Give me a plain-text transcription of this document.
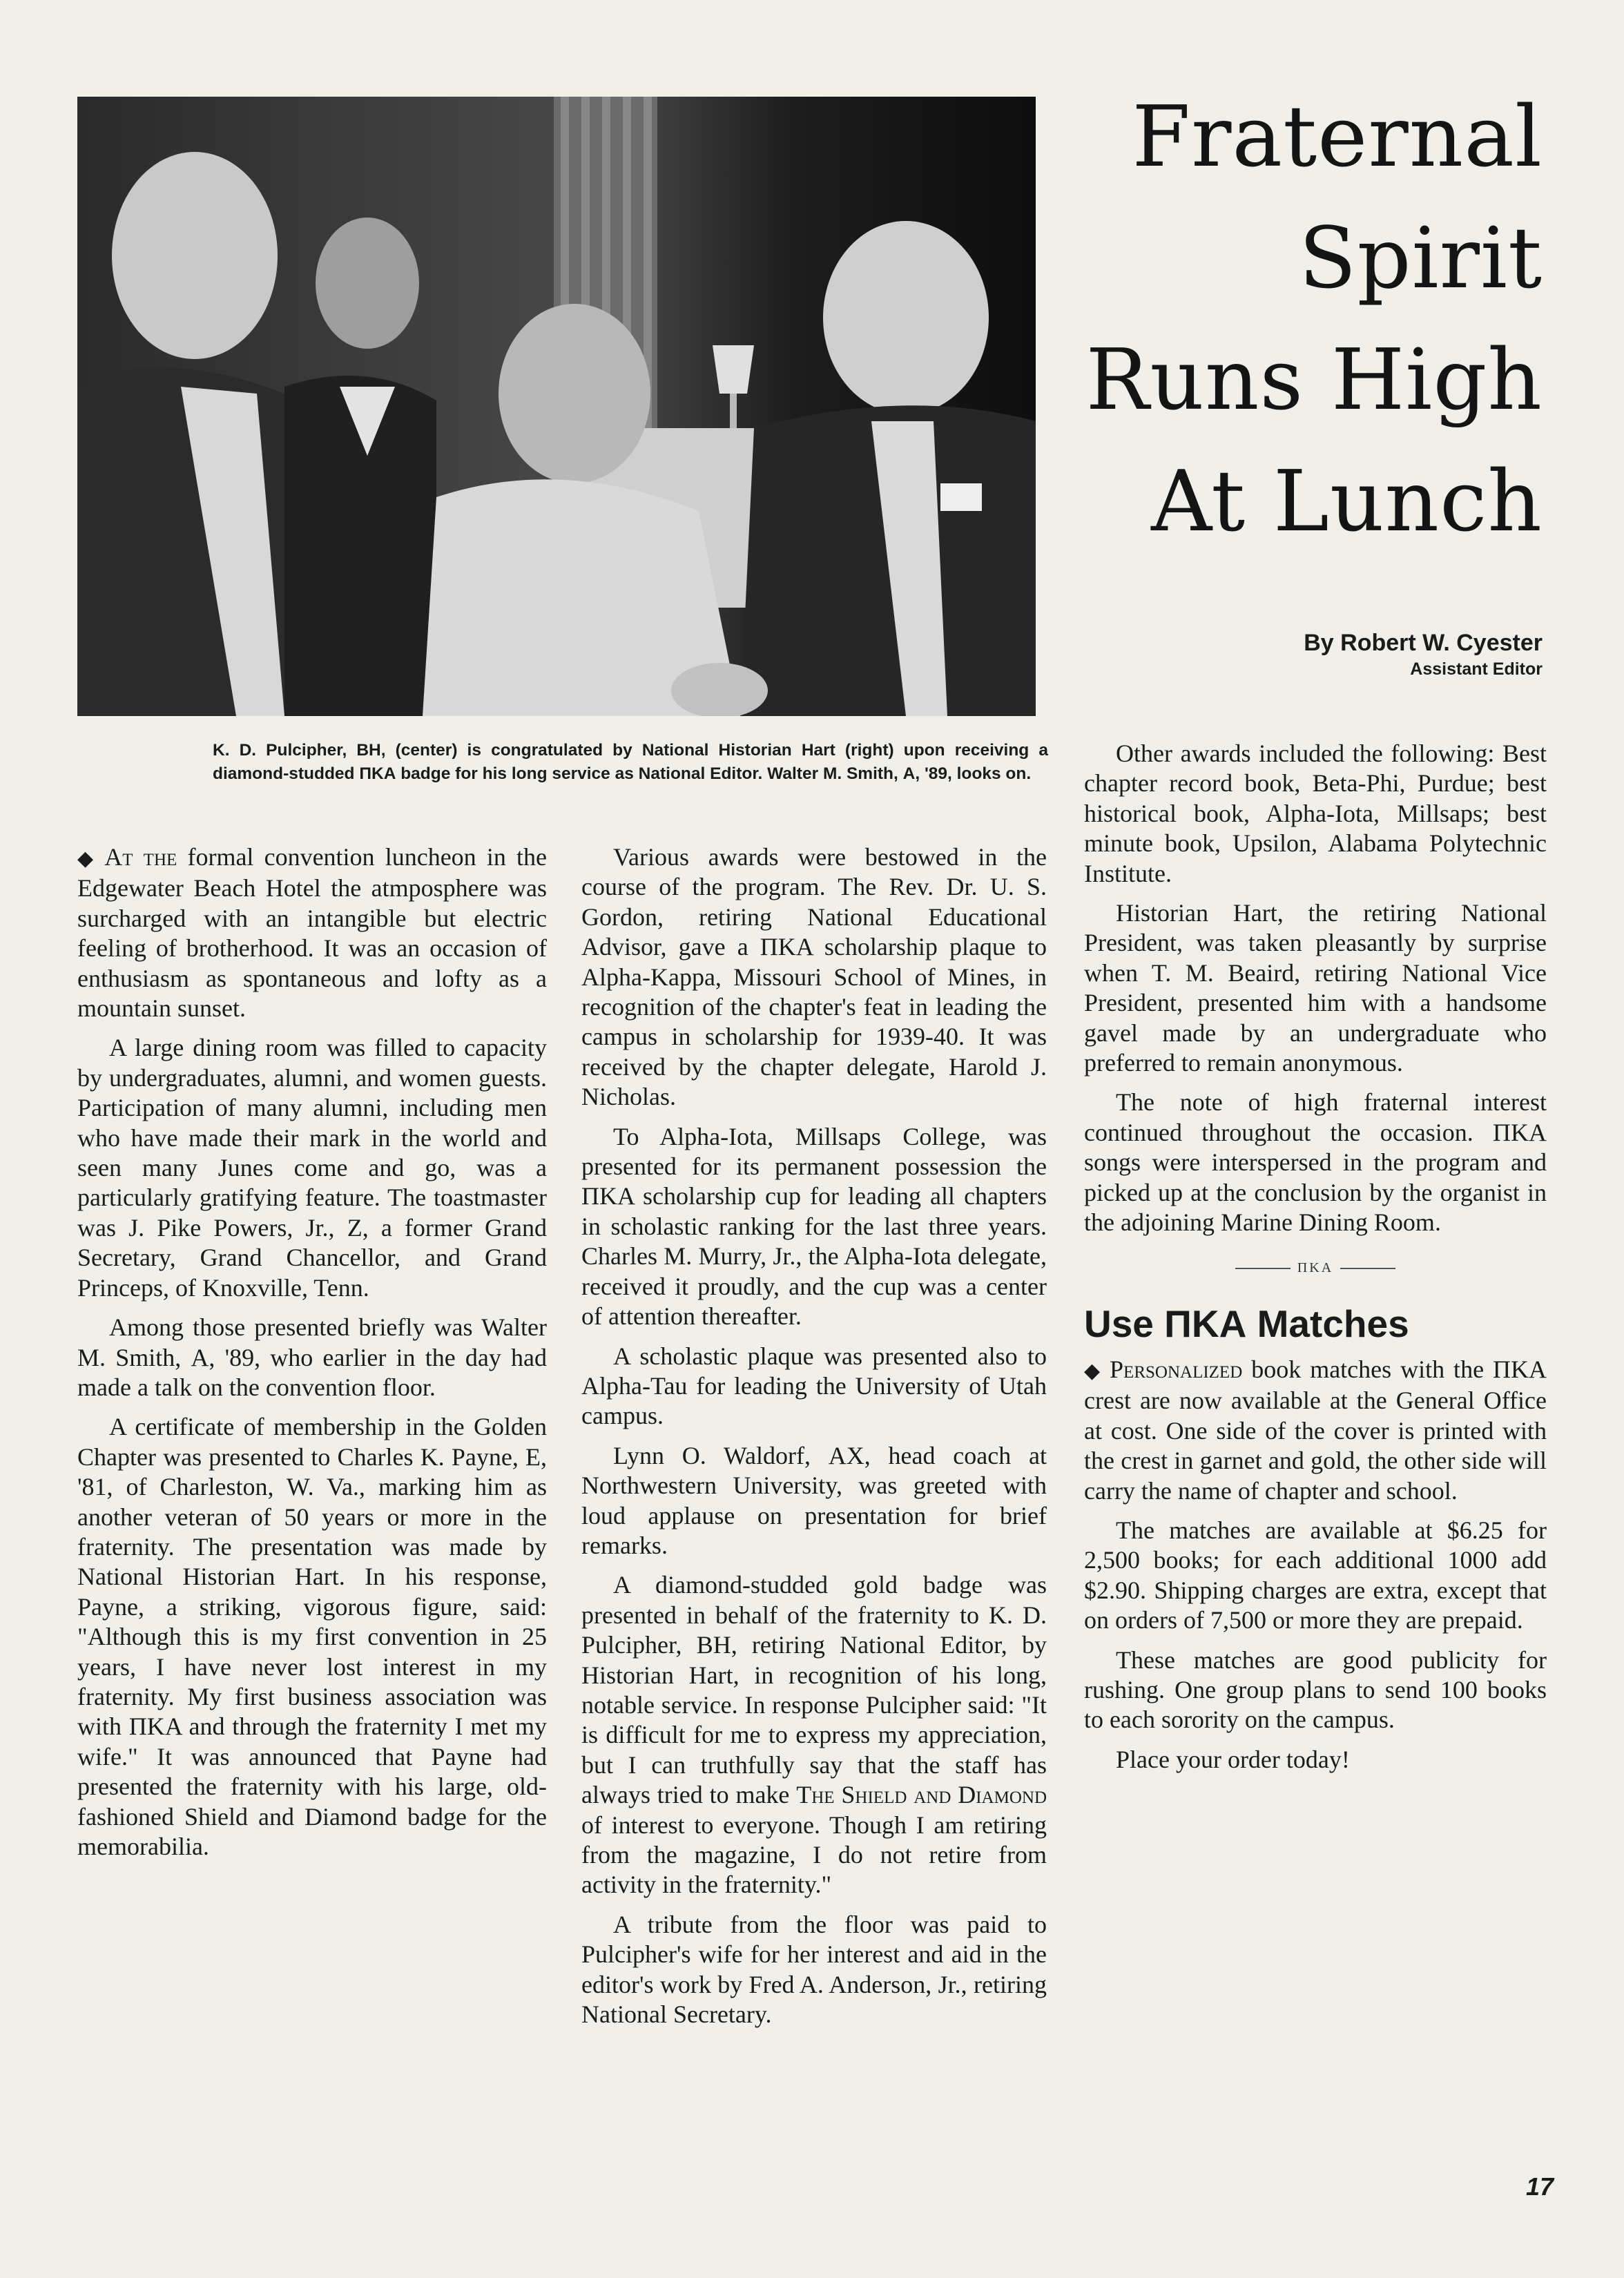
Fraternal
Spirit
Runs High
At Lunch
By Robert W. Cyester
Assistant Editor
K. D. Pulcipher, ΒΗ, (center) is congratulated by National Historian Hart (right) upon receiving a diamond-studded ΠΚΑ badge for his long service as National Editor. Walter M. Smith, Α, '89, looks on.

◆ At the formal convention luncheon in the Edgewater Beach Hotel the atmposphere was surcharged with an intangible but electric feeling of brotherhood. It was an occasion of enthusiasm as spontaneous and lofty as a mountain sunset.

A large dining room was filled to capacity by undergraduates, alumni, and women guests. Participation of many alumni, including men who have made their mark in the world and seen many Junes come and go, was a particularly gratifying feature. The toastmaster was J. Pike Powers, Jr., Ζ, a former Grand Secretary, Grand Chancellor, and Grand Princeps, of Knoxville, Tenn.

Among those presented briefly was Walter M. Smith, Α, '89, who earlier in the day had made a talk on the convention floor.

A certificate of membership in the Golden Chapter was presented to Charles K. Payne, Ε, '81, of Charleston, W. Va., marking him as another veteran of 50 years or more in the fraternity. The presentation was made by National Historian Hart. In his response, Payne, a striking, vigorous figure, said: "Although this is my first convention in 25 years, I have never lost interest in my fraternity. My first business association was with ΠΚΑ and through the fraternity I met my wife." It was announced that Payne had presented the fraternity with his large, old-fashioned Shield and Diamond badge for the memorabilia.

Various awards were bestowed in the course of the program. The Rev. Dr. U. S. Gordon, retiring National Educational Advisor, gave a ΠΚΑ scholarship plaque to Alpha-Kappa, Missouri School of Mines, in recognition of the chapter's feat in leading the campus in scholarship for 1939-40. It was received by the chapter delegate, Harold J. Nicholas.

To Alpha-Iota, Millsaps College, was presented for its permanent possession the ΠΚΑ scholarship cup for leading all chapters in scholastic ranking for the last three years. Charles M. Murry, Jr., the Alpha-Iota delegate, received it proudly, and the cup was a center of attention thereafter.

A scholastic plaque was presented also to Alpha-Tau for leading the University of Utah campus.

Lynn O. Waldorf, ΑΧ, head coach at Northwestern University, was greeted with loud applause on presentation for brief remarks.

A diamond-studded gold badge was presented in behalf of the fraternity to K. D. Pulcipher, ΒΗ, retiring National Editor, by Historian Hart, in recognition of his long, notable service. In response Pulcipher said: "It is difficult for me to express my appreciation, but I can truthfully say that the staff has always tried to make The Shield and Diamond of interest to everyone. Though I am retiring from the magazine, I do not retire from activity in the fraternity."

A tribute from the floor was paid to Pulcipher's wife for her interest and aid in the editor's work by Fred A. Anderson, Jr., retiring National Secretary.

Other awards included the following: Best chapter record book, Beta-Phi, Purdue; best historical book, Alpha-Iota, Millsaps; best minute book, Upsilon, Alabama Polytechnic Institute.

Historian Hart, the retiring National President, was taken pleasantly by surprise when T. M. Beaird, retiring National Vice President, presented him with a handsome gavel made by an undergraduate who preferred to remain anonymous.

The note of high fraternal interest continued throughout the occasion. ΠΚΑ songs were interspersed in the program and picked up at the conclusion by the organist in the adjoining Marine Dining Room.

ΠΚΑ
Use ΠΚΑ Matches

◆ Personalized book matches with the ΠΚΑ crest are now available at the General Office at cost. One side of the cover is printed with the crest in garnet and gold, the other side will carry the name of chapter and school.

The matches are available at $6.25 for 2,500 books; for each additional 1000 add $2.90. Shipping charges are extra, except that on orders of 7,500 or more they are prepaid.

These matches are good publicity for rushing. One group plans to send 100 books to each sorority on the campus.

Place your order today!

17
